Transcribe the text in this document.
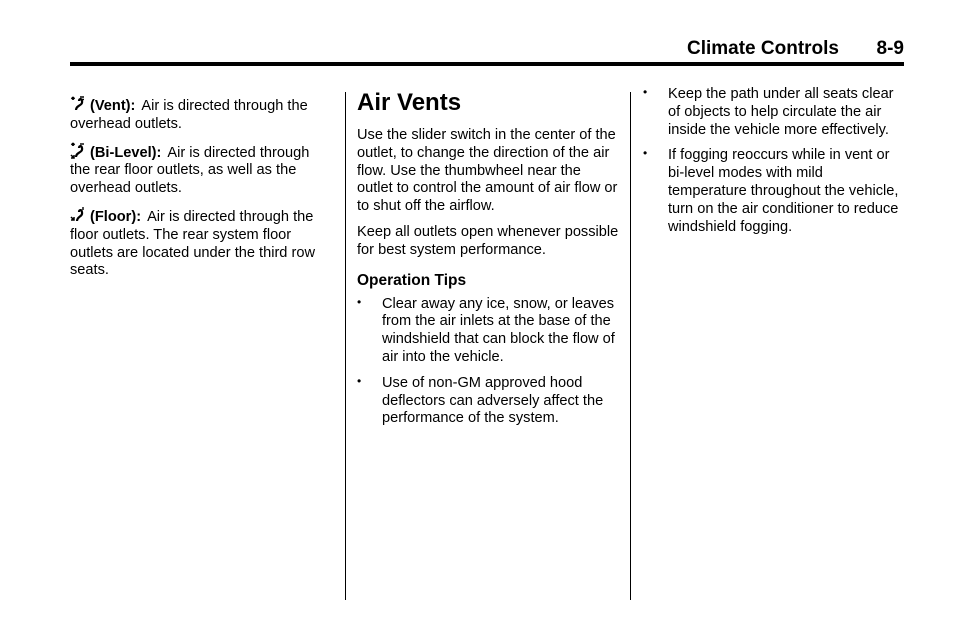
Climate Controls 8-9
(Vent): Air is directed through the overhead outlets.
(Bi-Level): Air is directed through the rear floor outlets, as well as the overhead outlets.
(Floor): Air is directed through the floor outlets. The rear system floor outlets are located under the third row seats.
Air Vents

Use the slider switch in the center of the outlet, to change the direction of the air flow. Use the thumbwheel near the outlet to control the amount of air flow or to shut off the airflow.

Keep all outlets open whenever possible for best system performance.

Operation Tips
• Clear away any ice, snow, or leaves from the air inlets at the base of the windshield that can block the flow of air into the vehicle.
• Use of non-GM approved hood deflectors can adversely affect the performance of the system.
• Keep the path under all seats clear of objects to help circulate the air inside the vehicle more effectively.
• If fogging reoccurs while in vent or bi-level modes with mild temperature throughout the vehicle, turn on the air conditioner to reduce windshield fogging.
